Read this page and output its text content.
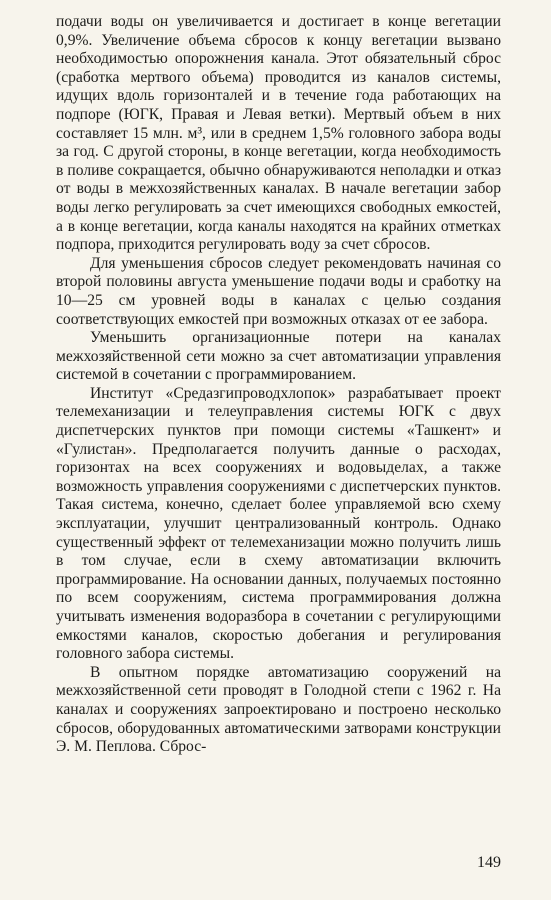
подачи воды он увеличивается и достигает в конце вегетации 0,9%. Увеличение объема сбросов к концу вегетации вызвано необходимостью опорожнения канала. Этот обязательный сброс (сработка мертвого объема) проводится из каналов системы, идущих вдоль горизонталей и в течение года работающих на подпоре (ЮГК, Правая и Левая ветки). Мертвый объем в них составляет 15 млн. м³, или в среднем 1,5% головного забора воды за год. С другой стороны, в конце вегетации, когда необходимость в поливе сокращается, обычно обнаруживаются неполадки и отказ от воды в межхозяйственных каналах. В начале вегетации забор воды легко регулировать за счет имеющихся свободных емкостей, а в конце вегетации, когда каналы находятся на крайних отметках подпора, приходится регулировать воду за счет сбросов.

Для уменьшения сбросов следует рекомендовать начиная со второй половины августа уменьшение подачи воды и сработку на 10—25 см уровней воды в каналах с целью создания соответствующих емкостей при возможных отказах от ее забора.

Уменьшить организационные потери на каналах межхозяйственной сети можно за счет автоматизации управления системой в сочетании с программированием.

Институт «Средазгипроводхлопок» разрабатывает проект телемеханизации и телеуправления системы ЮГК с двух диспетчерских пунктов при помощи системы «Ташкент» и «Гулистан». Предполагается получить данные о расходах, горизонтах на всех сооружениях и водовыделах, а также возможность управления сооружениями с диспетчерских пунктов. Такая система, конечно, сделает более управляемой всю схему эксплуатации, улучшит централизованный контроль. Однако существенный эффект от телемеханизации можно получить лишь в том случае, если в схему автоматизации включить программирование. На основании данных, получаемых постоянно по всем сооружениям, система программирования должна учитывать изменения водоразбора в сочетании с регулирующими емкостями каналов, скоростью добегания и регулирования головного забора системы.

В опытном порядке автоматизацию сооружений на межхозяйственной сети проводят в Голодной степи с 1962 г. На каналах и сооружениях запроектировано и построено несколько сбросов, оборудованных автоматическими затворами конструкции Э. М. Пеплова. Сброс-

149
